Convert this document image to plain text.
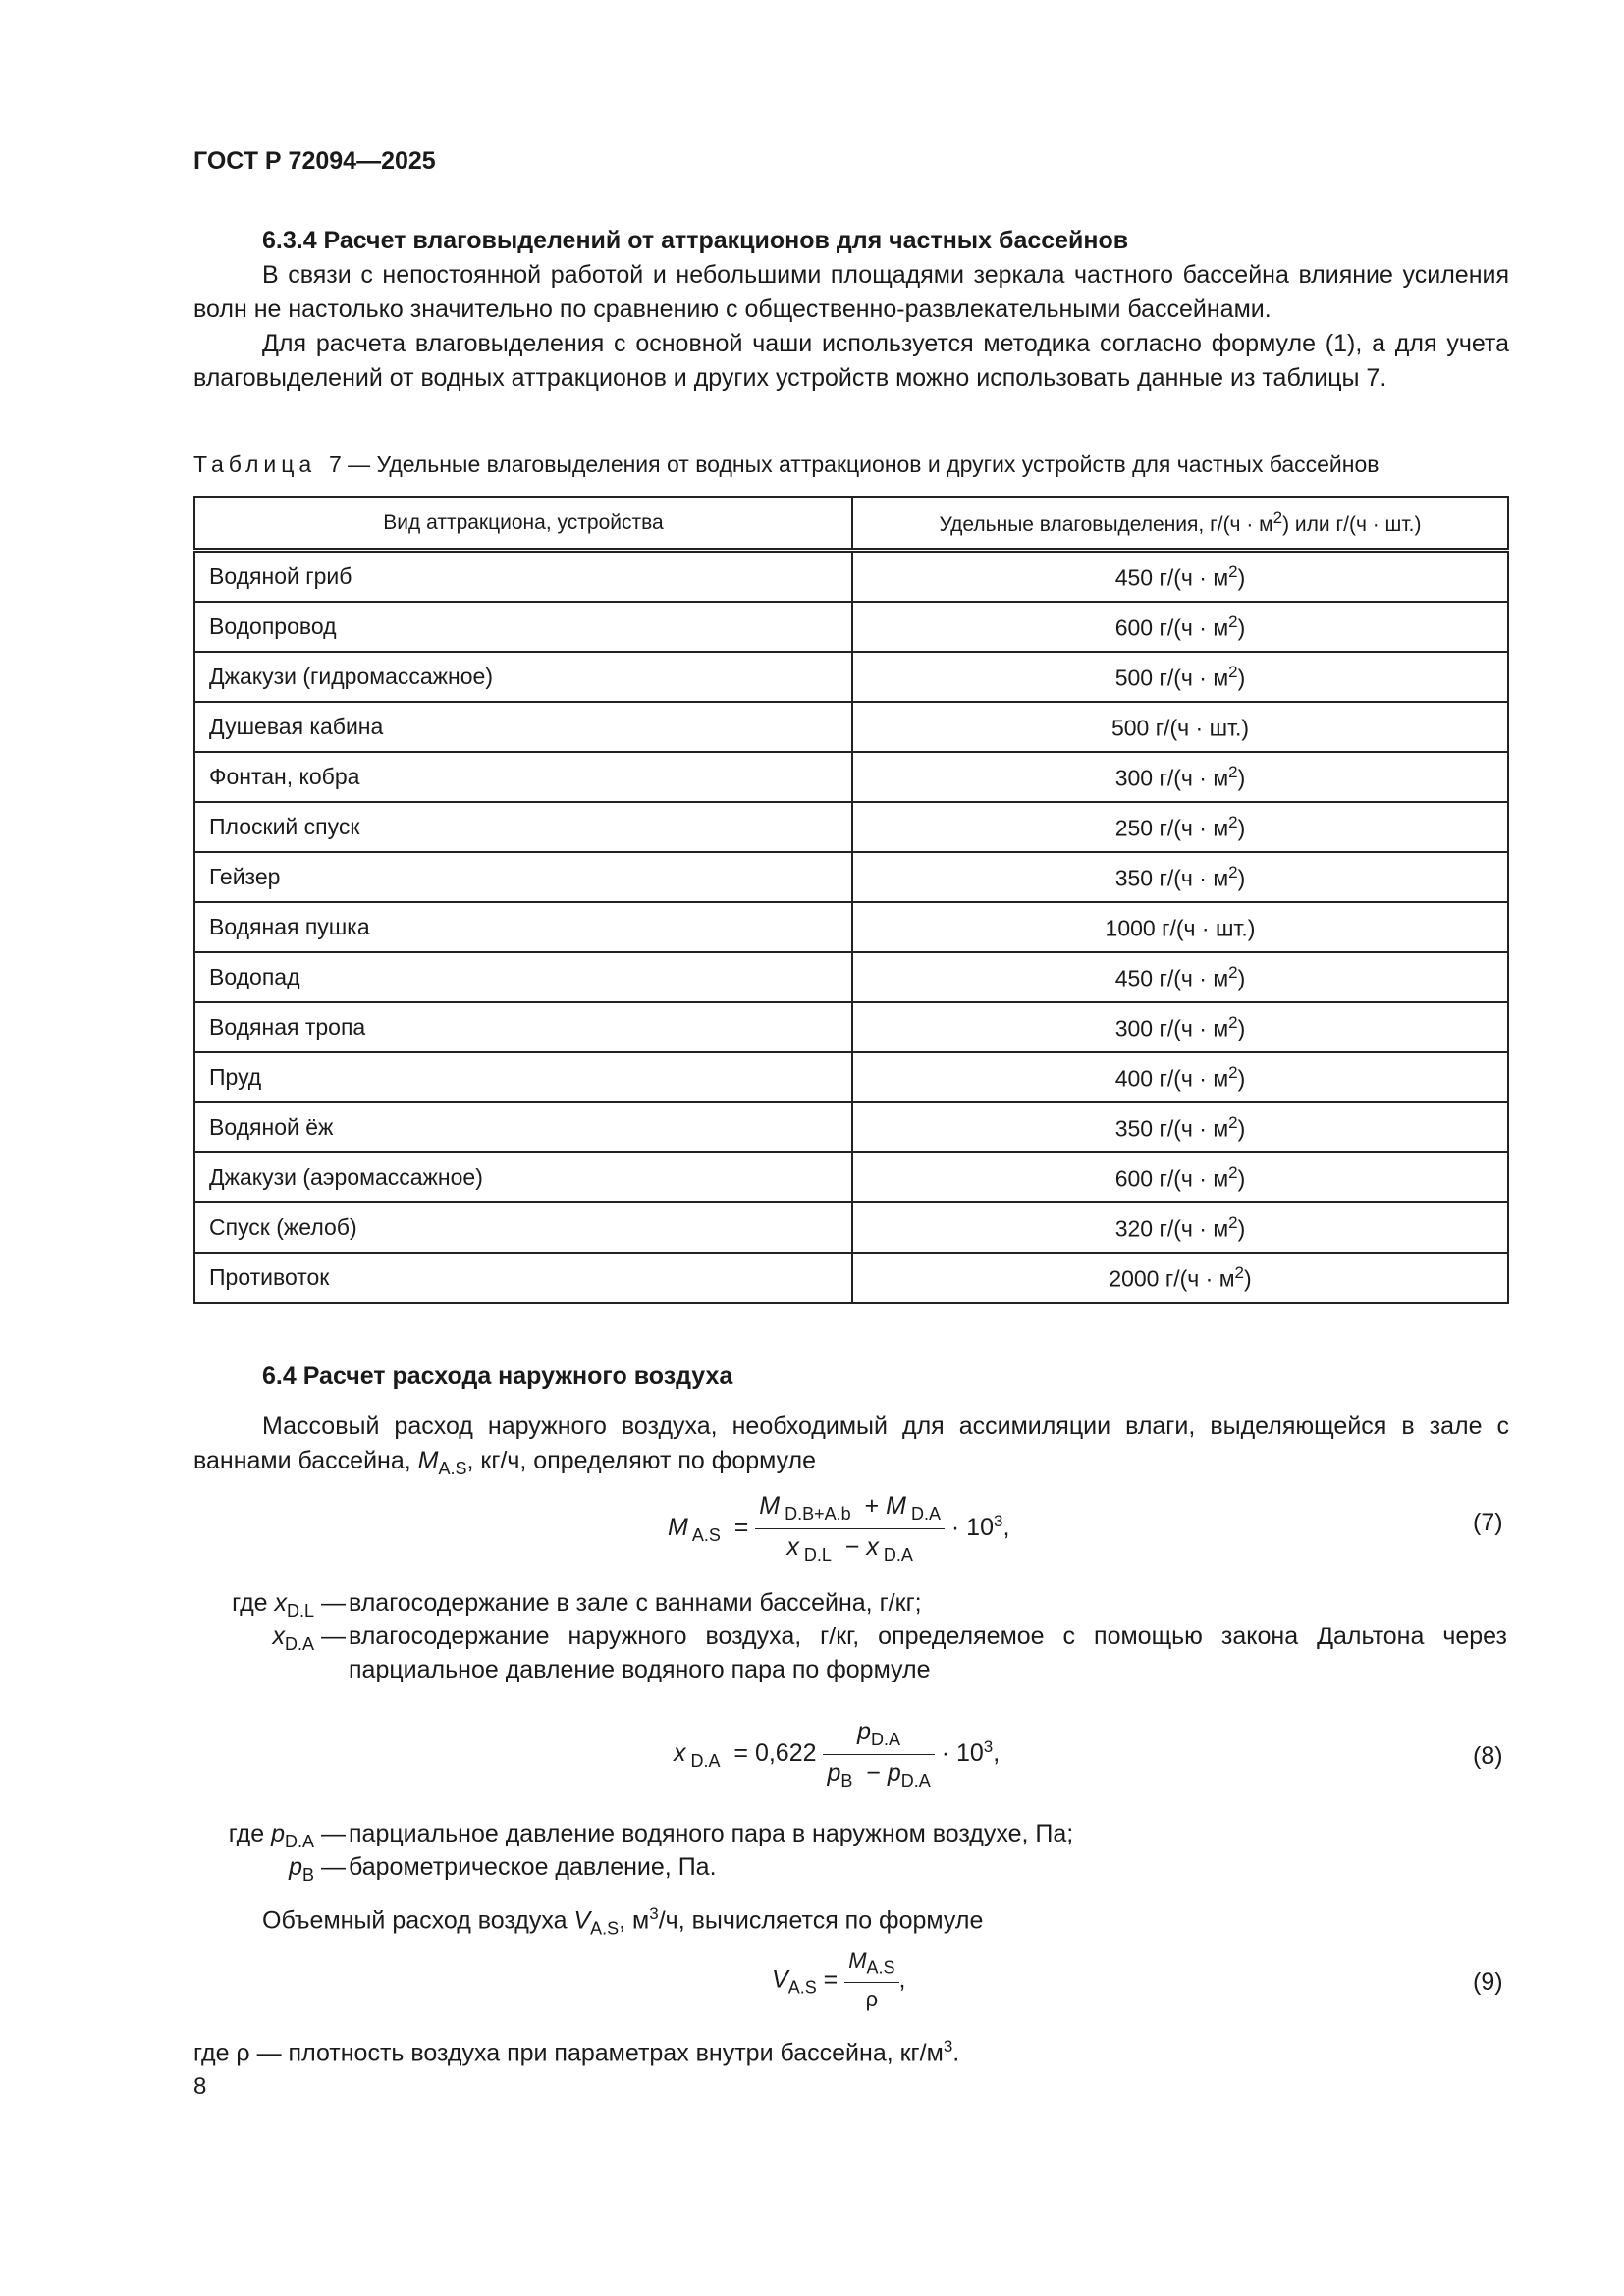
ГОСТ Р 72094—2025
6.3.4 Расчет влаговыделений от аттракционов для частных бассейнов
В связи с непостоянной работой и небольшими площадями зеркала частного бассейна влияние усиления волн не настолько значительно по сравнению с общественно-развлекательными бассейнами.
Для расчета влаговыделения с основной чаши используется методика согласно формуле (1), а для учета влаговыделений от водных аттракционов и других устройств можно использовать данные из таблицы 7.
Таблица 7 — Удельные влаговыделения от водных аттракционов и других устройств для частных бассейнов
Вид аттракциона, устройства	Удельные влаговыделения, $г/(ч \cdot м^2)$ или г/(ч · шт.)
Водяной гриб	450 $г/(ч \cdot м^2)$
Водопровод	600 $г/(ч \cdot м^2)$
Джакузи (гидромассажное)	500 $г/(ч \cdot м^2)$
Душевая кабина	500 г/(ч · шт.)
Фонтан, кобра	300 $г/(ч \cdot м^2)$
Плоский спуск	250 $г/(ч \cdot м^2)$
Гейзер	350 $г/(ч \cdot м^2)$
Водяная пушка	1000 г/(ч · шт.)
Водопад	450 $г/(ч \cdot м^2)$
Водяная тропа	300 $г/(ч \cdot м^2)$
Пруд	400 $г/(ч \cdot м^2)$
Водяной ёж	350 $г/(ч \cdot м^2)$
Джакузи (аэромассажное)	600 $г/(ч \cdot м^2)$
Спуск (желоб)	320 $г/(ч \cdot м^2)$
Противоток	2000 $г/(ч \cdot м^2)$
6.4 Расчет расхода наружного воздуха
Массовый расход наружного воздуха, необходимый для ассимиляции влаги, выделяющейся в зале с ваннами бассейна, $M_{A.S}$, кг/ч, определяют по формуле
M $_{A.S} = \frac{M _{D.B+A.b} + M _{D.A}}{x _{D.L} - x _{D.A}} \cdot 10^3$,	(7)
где $x_{D.L}$ — влагосодержание в зале с ваннами бассейна, г/кг;
$x_{D.A}$ — влагосодержание наружного воздуха, г/кг, определяемое с помощью закона Дальтона через парциальное давление водяного пара по формуле
x $_{D.A} = 0,622 \frac{p_{D.A}}{p_B - p_{D.A}} \cdot 10^3$,	(8)
где $p_{D.A}$ — парциальное давление водяного пара в наружном воздухе, Па;
$p_B$ — барометрическое давление, Па.
Объемный расход воздуха $V_{A.S}$, $м^3/ч$, вычисляется по формуле
$V_{A.S} = \frac{M_{A.S}}{\rho}$ ,	(9)
где ρ — плотность воздуха при параметрах внутри бассейна, $кг/м^3$.
8
